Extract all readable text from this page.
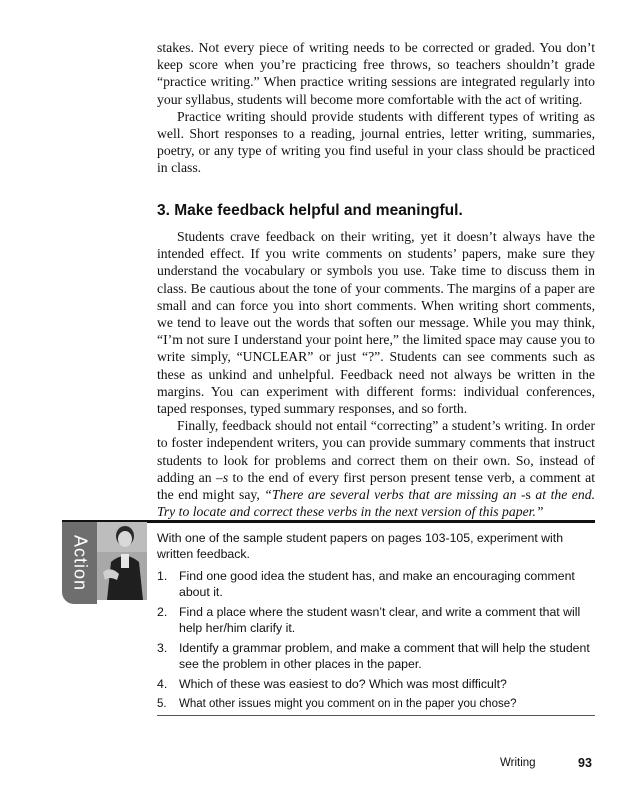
stakes. Not every piece of writing needs to be corrected or graded. You don’t keep score when you’re practicing free throws, so teachers shouldn’t grade “practice writing.” When practice writing sessions are integrated regularly into your syllabus, students will become more comfortable with the act of writing.

Practice writing should provide students with different types of writing as well. Short responses to a reading, journal entries, letter writing, summaries, poetry, or any type of writing you find useful in your class should be practiced in class.

3. Make feedback helpful and meaningful.

Students crave feedback on their writing, yet it doesn’t always have the intended effect. If you write comments on students’ papers, make sure they understand the vocabulary or symbols you use. Take time to discuss them in class. Be cautious about the tone of your comments. The margins of a paper are small and can force you into short comments. When writing short comments, we tend to leave out the words that soften our message. While you may think, “I’m not sure I understand your point here,” the limited space may cause you to write simply, “UNCLEAR” or just “?”. Students can see comments such as these as unkind and unhelpful. Feedback need not always be written in the margins. You can experiment with different forms: individual conferences, taped responses, typed summary responses, and so forth.

Finally, feedback should not entail “correcting” a student’s writing. In order to foster independent writers, you can provide summary comments that instruct students to look for problems and correct them on their own. So, instead of adding an –s to the end of every first person present tense verb, a comment at the end might say, “There are several verbs that are missing an -s at the end. Try to locate and correct these verbs in the next version of this paper.”

Action	With one of the sample student papers on pages 103-105, experiment with written feedback.
1. Find one good idea the student has, and make an encouraging comment about it.
2. Find a place where the student wasn’t clear, and write a comment that will help her/him clarify it.
3. Identify a grammar problem, and make a comment that will help the student see the problem in other places in the paper.
4. Which of these was easiest to do? Which was most difficult?
5. What other issues might you comment on in the paper you chose?
Writing	93
